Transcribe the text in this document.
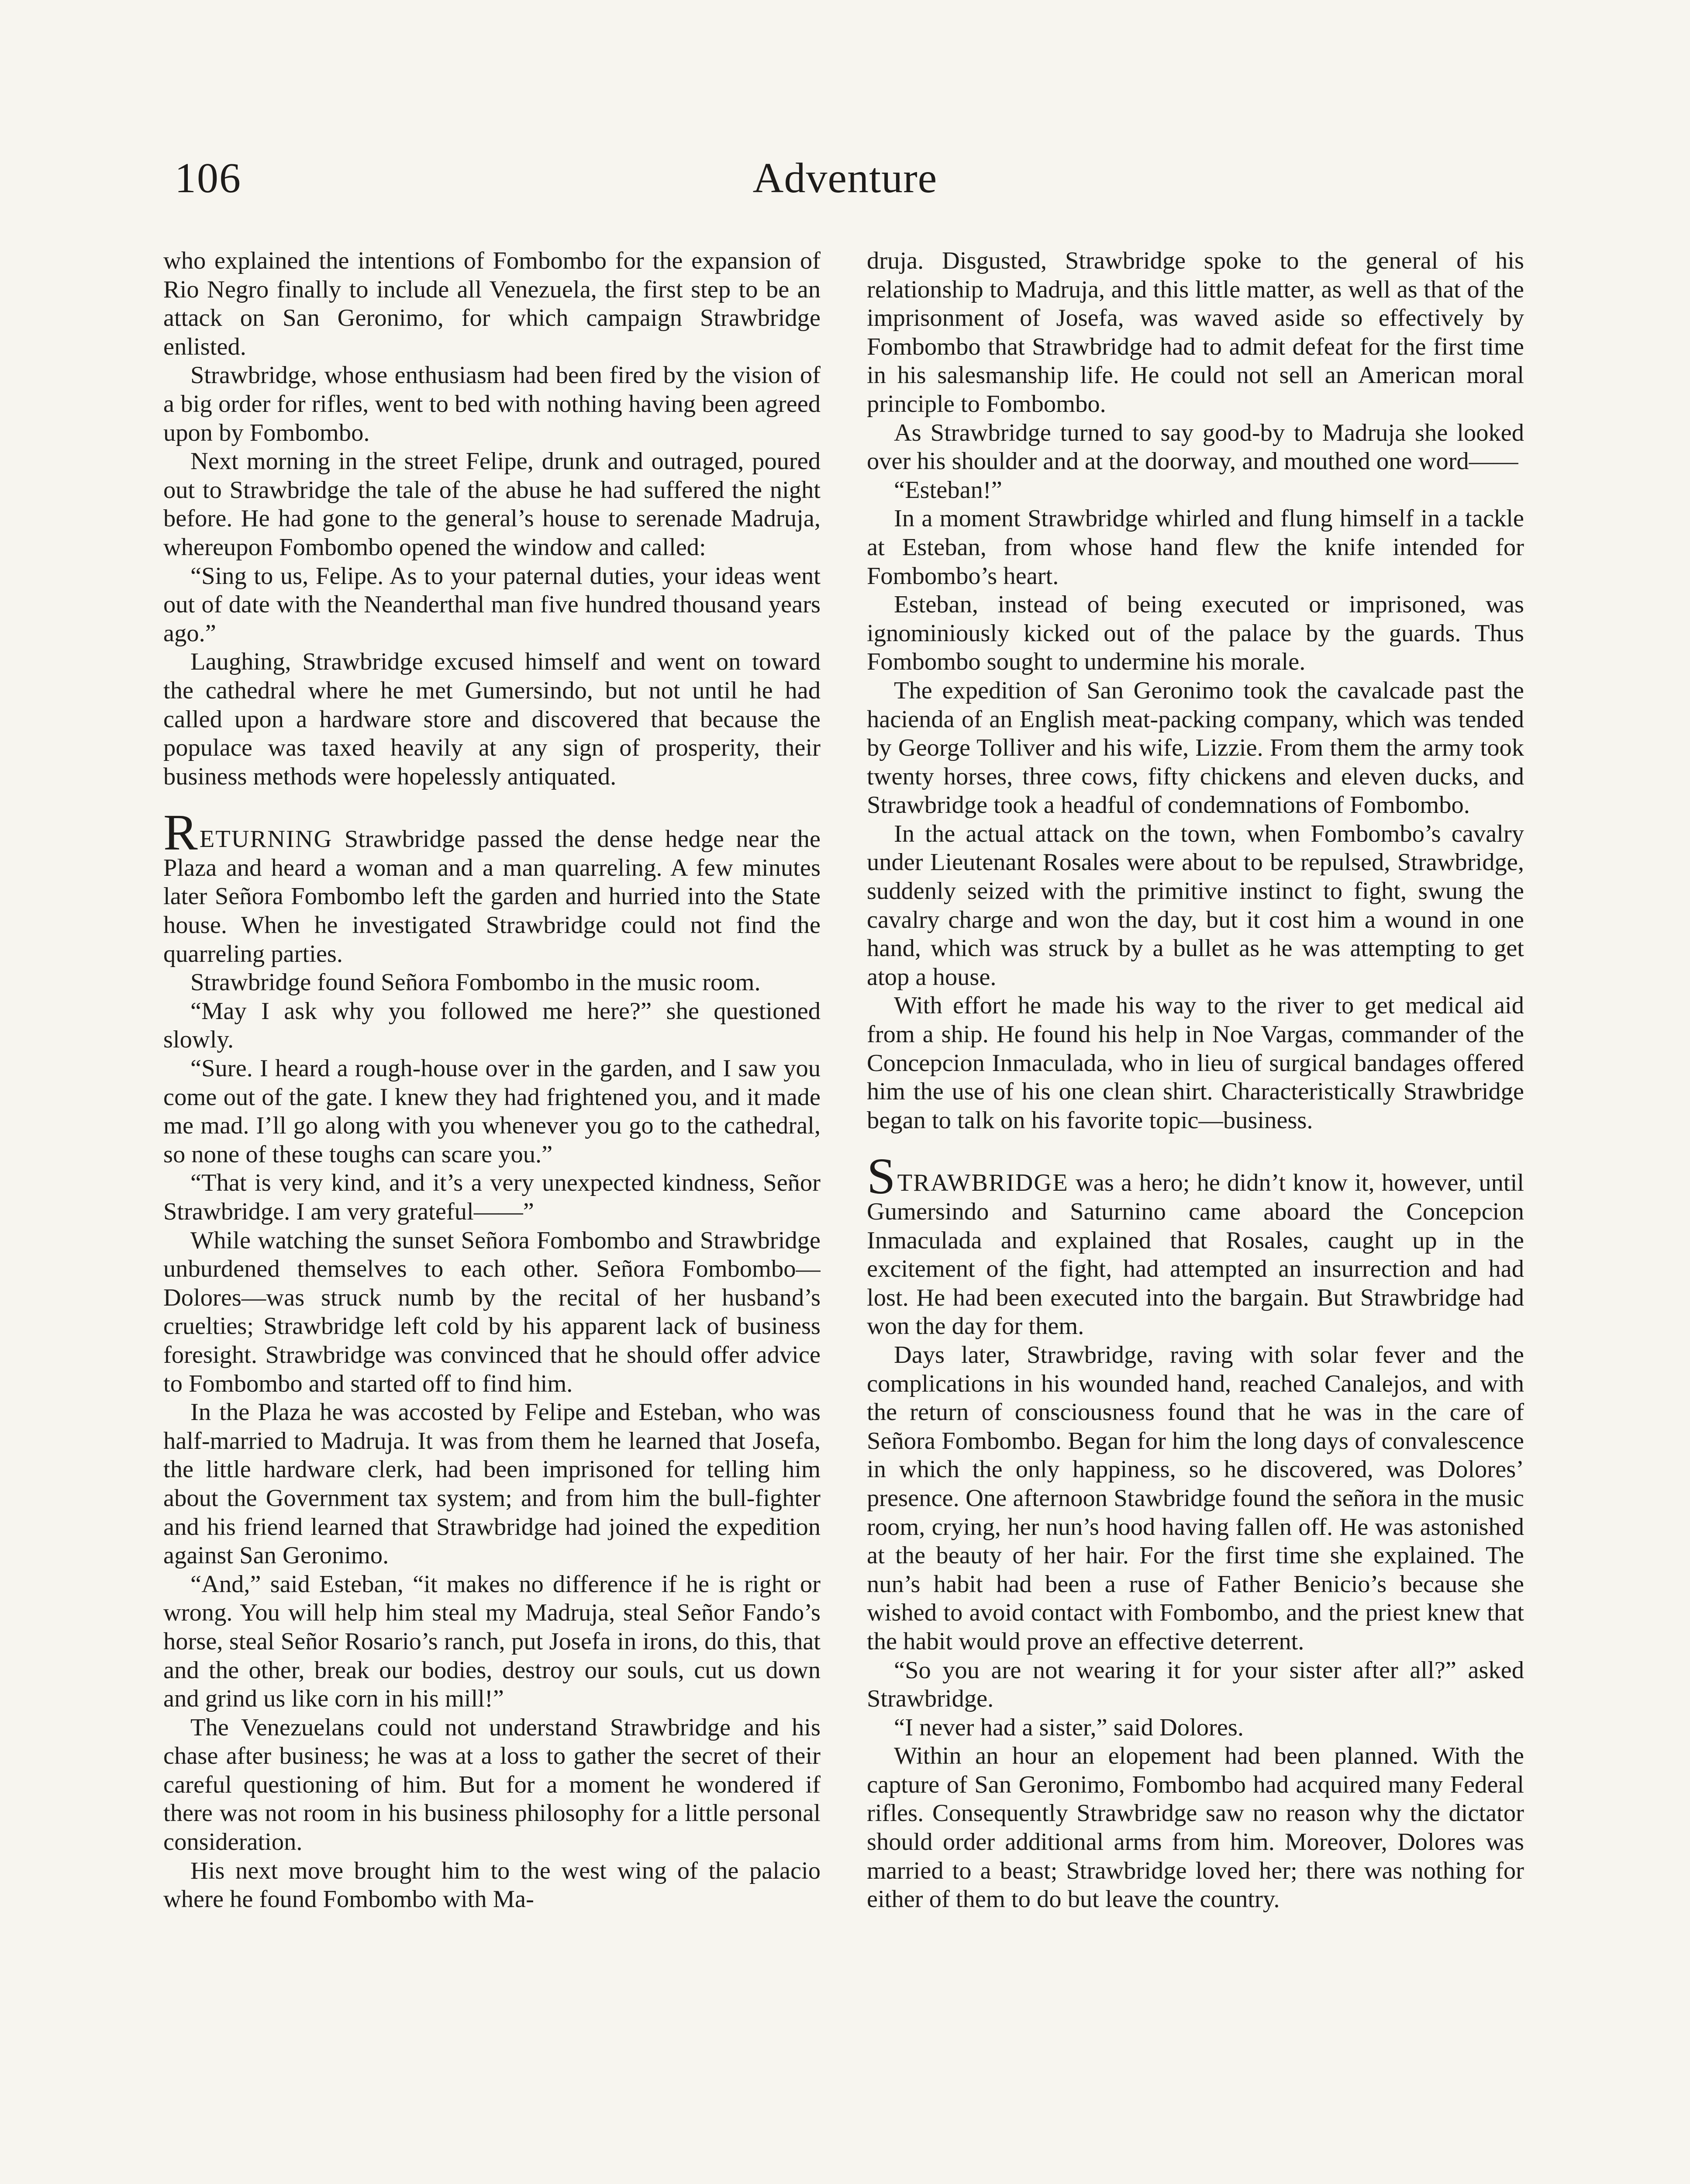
106	Adventure

who explained the intentions of Fombombo for the expansion of Rio Negro finally to include all Venezuela, the first step to be an attack on San Geronimo, for which campaign Strawbridge enlisted.

Strawbridge, whose enthusiasm had been fired by the vision of a big order for rifles, went to bed with nothing having been agreed upon by Fombombo.

Next morning in the street Felipe, drunk and outraged, poured out to Strawbridge the tale of the abuse he had suffered the night before. He had gone to the general’s house to serenade Madruja, whereupon Fombombo opened the window and called:

“Sing to us, Felipe. As to your paternal duties, your ideas went out of date with the Neanderthal man five hundred thousand years ago.”

Laughing, Strawbridge excused himself and went on toward the cathedral where he met Gumersindo, but not until he had called upon a hardware store and discovered that because the populace was taxed heavily at any sign of prosperity, their business methods were hopelessly antiquated.

RETURNING Strawbridge passed the dense hedge near the Plaza and heard a woman and a man quarreling. A few minutes later Señora Fombombo left the garden and hurried into the State house. When he investigated Strawbridge could not find the quarreling parties.

Strawbridge found Señora Fombombo in the music room.

“May I ask why you followed me here?” she questioned slowly.

“Sure. I heard a rough-house over in the garden, and I saw you come out of the gate. I knew they had frightened you, and it made me mad. I’ll go along with you whenever you go to the cathedral, so none of these toughs can scare you.”

“That is very kind, and it’s a very unexpected kindness, Señor Strawbridge. I am very grateful——”

While watching the sunset Señora Fombombo and Strawbridge unburdened themselves to each other. Señora Fombombo—Dolores—was struck numb by the recital of her husband’s cruelties; Strawbridge left cold by his apparent lack of business foresight. Strawbridge was convinced that he should offer advice to Fombombo and started off to find him.

In the Plaza he was accosted by Felipe and Esteban, who was half-married to Madruja. It was from them he learned that Josefa, the little hardware clerk, had been imprisoned for telling him about the Government tax system; and from him the bull-fighter and his friend learned that Strawbridge had joined the expedition against San Geronimo.

“And,” said Esteban, “it makes no difference if he is right or wrong. You will help him steal my Madruja, steal Señor Fando’s horse, steal Señor Rosario’s ranch, put Josefa in irons, do this, that and the other, break our bodies, destroy our souls, cut us down and grind us like corn in his mill!”

The Venezuelans could not understand Strawbridge and his chase after business; he was at a loss to gather the secret of their careful questioning of him. But for a moment he wondered if there was not room in his business philosophy for a little personal consideration.

His next move brought him to the west wing of the palacio where he found Fombombo with Ma-

druja. Disgusted, Strawbridge spoke to the general of his relationship to Madruja, and this little matter, as well as that of the imprisonment of Josefa, was waved aside so effectively by Fombombo that Strawbridge had to admit defeat for the first time in his salesmanship life. He could not sell an American moral principle to Fombombo.

As Strawbridge turned to say good-by to Madruja she looked over his shoulder and at the doorway, and mouthed one word——

“Esteban!”

In a moment Strawbridge whirled and flung himself in a tackle at Esteban, from whose hand flew the knife intended for Fombombo’s heart.

Esteban, instead of being executed or imprisoned, was ignominiously kicked out of the palace by the guards. Thus Fombombo sought to undermine his morale.

The expedition of San Geronimo took the cavalcade past the hacienda of an English meat-packing company, which was tended by George Tolliver and his wife, Lizzie. From them the army took twenty horses, three cows, fifty chickens and eleven ducks, and Strawbridge took a headful of condemnations of Fombombo.

In the actual attack on the town, when Fombombo’s cavalry under Lieutenant Rosales were about to be repulsed, Strawbridge, suddenly seized with the primitive instinct to fight, swung the cavalry charge and won the day, but it cost him a wound in one hand, which was struck by a bullet as he was attempting to get atop a house.

With effort he made his way to the river to get medical aid from a ship. He found his help in Noe Vargas, commander of the Concepcion Inmaculada, who in lieu of surgical bandages offered him the use of his one clean shirt. Characteristically Strawbridge began to talk on his favorite topic—business.

STRAWBRIDGE was a hero; he didn’t know it, however, until Gumersindo and Saturnino came aboard the Concepcion Inmaculada and explained that Rosales, caught up in the excitement of the fight, had attempted an insurrection and had lost. He had been executed into the bargain. But Strawbridge had won the day for them.

Days later, Strawbridge, raving with solar fever and the complications in his wounded hand, reached Canalejos, and with the return of consciousness found that he was in the care of Señora Fombombo. Began for him the long days of convalescence in which the only happiness, so he discovered, was Dolores’ presence. One afternoon Stawbridge found the señora in the music room, crying, her nun’s hood having fallen off. He was astonished at the beauty of her hair. For the first time she explained. The nun’s habit had been a ruse of Father Benicio’s because she wished to avoid contact with Fombombo, and the priest knew that the habit would prove an effective deterrent.

“So you are not wearing it for your sister after all?” asked Strawbridge.

“I never had a sister,” said Dolores.

Within an hour an elopement had been planned. With the capture of San Geronimo, Fombombo had acquired many Federal rifles. Consequently Strawbridge saw no reason why the dictator should order additional arms from him. Moreover, Dolores was married to a beast; Strawbridge loved her; there was nothing for either of them to do but leave the country.
